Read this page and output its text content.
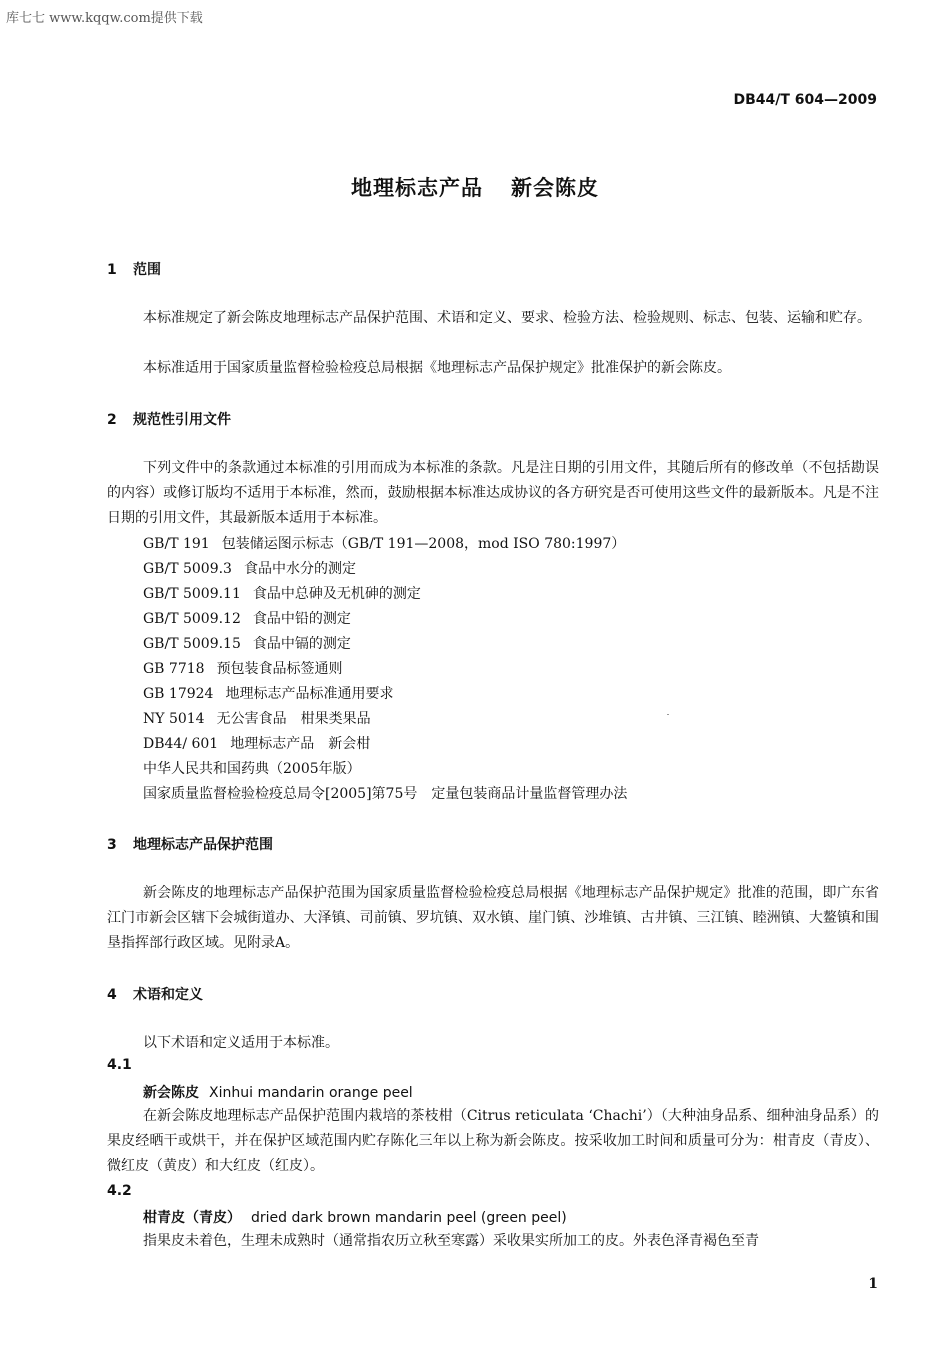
库七七 www.kqqw.com提供下载
DB44/T 604—2009
地理标志产品 新会陈皮
1 范围
本标准规定了新会陈皮地理标志产品保护范围、术语和定义、要求、检验方法、检验规则、标志、包装、运输和贮存。
本标准适用于国家质量监督检验检疫总局根据《地理标志产品保护规定》批准保护的新会陈皮。
2 规范性引用文件
下列文件中的条款通过本标准的引用而成为本标准的条款。凡是注日期的引用文件，其随后所有的修改单（不包括勘误的内容）或修订版均不适用于本标准，然而，鼓励根据本标准达成协议的各方研究是否可使用这些文件的最新版本。凡是不注日期的引用文件，其最新版本适用于本标准。
GB/T 191 包装储运图示标志（GB/T 191—2008，mod ISO 780:1997）
GB/T 5009.3 食品中水分的测定
GB/T 5009.11 食品中总砷及无机砷的测定
GB/T 5009.12 食品中铅的测定
GB/T 5009.15 食品中镉的测定
GB 7718 预包装食品标签通则
GB 17924 地理标志产品标准通用要求
NY 5014 无公害食品　柑果类果品
DB44/ 601 地理标志产品　新会柑
中华人民共和国药典（2005年版）
国家质量监督检验检疫总局令[2005]第75号　定量包装商品计量监督管理办法
3 地理标志产品保护范围
新会陈皮的地理标志产品保护范围为国家质量监督检验检疫总局根据《地理标志产品保护规定》批准的范围，即广东省江门市新会区辖下会城街道办、大泽镇、司前镇、罗坑镇、双水镇、崖门镇、沙堆镇、古井镇、三江镇、睦洲镇、大鳌镇和围垦指挥部行政区域。见附录A。
4 术语和定义
以下术语和定义适用于本标准。
4.1
新会陈皮 Xinhui mandarin orange peel
在新会陈皮地理标志产品保护范围内栽培的茶枝柑（Citrus reticulata ‘Chachi’）（大种油身品系、细种油身品系）的果皮经晒干或烘干，并在保护区域范围内贮存陈化三年以上称为新会陈皮。按采收加工时间和质量可分为：柑青皮（青皮）、微红皮（黄皮）和大红皮（红皮）。
4.2
柑青皮（青皮） dried dark brown mandarin peel (green peel)
指果皮未着色，生理未成熟时（通常指农历立秋至寒露）采收果实所加工的皮。外表色泽青褐色至青
1
